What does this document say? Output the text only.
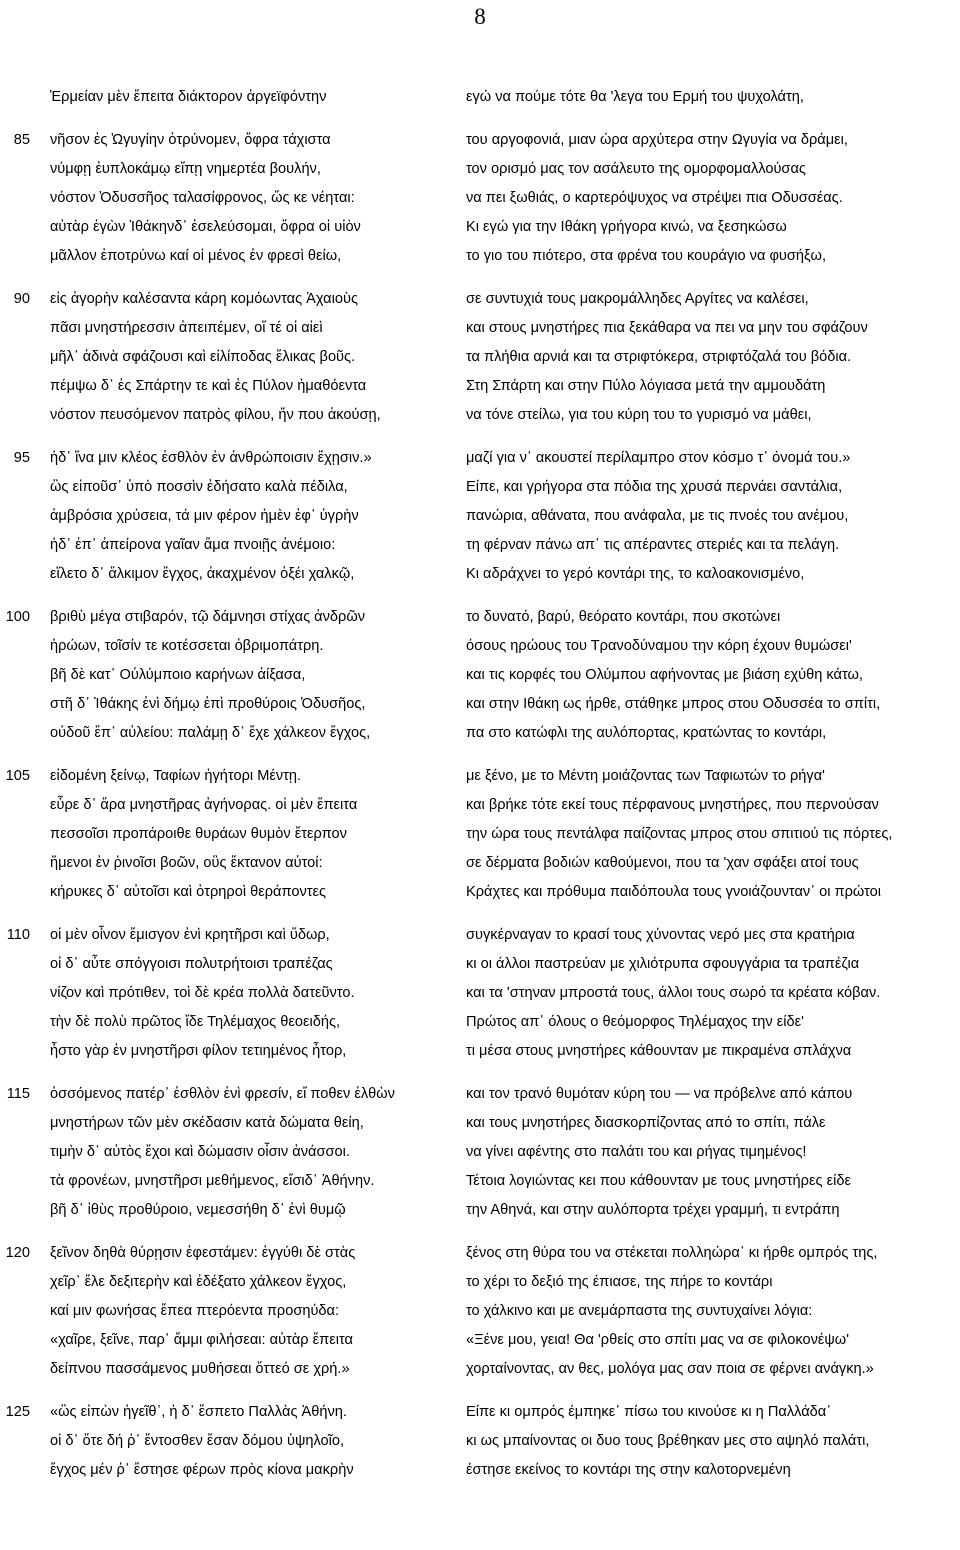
8
Ἑρμείαν μὲν ἔπειτα διάκτορον ἀργεϊφόντην	εγώ να πούμε τότε θα 'λεγα του Ερμή του ψυχολάτη,
85 νῆσον ἐς Ὠγυγίην ὀτρύνομεν, ὄφρα τάχιστα	του αργοφονιά, μιαν ώρα αρχύτερα στην Ωγυγία να δράμει,
νύμφῃ ἐυπλοκάμῳ εἴπῃ νημερτέα βουλήν,	τον ορισμό μας τον ασάλευτο της ομορφομαλλούσας
νόστον Ὀδυσσῆος ταλασίφρονος, ὥς κε νέηται:	να πει ξωθιάς, ο καρτερόψυχος να στρέψει πια Οδυσσέας.
αὐτὰρ ἐγὼν Ἰθάκηνδ᾽ ἐσελεύσομαι, ὄφρα οἱ υἱὸν	Κι εγώ για την Ιθάκη γρήγορα κινώ, να ξεσηκώσω
μᾶλλον ἐποτρύνω καί οἱ μένος ἐν φρεσὶ θείω,	το γιο του πιότερο, στα φρένα του κουράγιο να φυσήξω,
90 εἰς ἀγορὴν καλέσαντα κάρη κομόωντας Ἀχαιοὺς	σε συντυχιά τους μακρομάλληδες Αργίτες να καλέσει,
πᾶσι μνηστήρεσσιν ἀπειπέμεν, οἵ τέ οἱ αἰεὶ	και στους μνηστήρες πια ξεκάθαρα να πει να μην του σφάζουν
μῆλ᾽ ἁδινὰ σφάζουσι καὶ εἰλίποδας ἕλικας βοῦς.	τα πλήθια αρνιά και τα στριφτόκερα, στριφτόζαλά του βόδια.
πέμψω δ᾽ ἐς Σπάρτην τε καὶ ἐς Πύλον ἠμαθόεντα	Στη Σπάρτη και στην Πύλο λόγιασα μετά την αμμουδάτη
νόστον πευσόμενον πατρὸς φίλου, ἤν που ἀκούσῃ,	να τόνε στείλω, για του κύρη του το γυρισμό να μάθει,
95 ἠδ᾽ ἵνα μιν κλέος ἐσθλὸν ἐν ἀνθρώποισιν ἔχῃσιν.»	μαζί για ν᾽ ακουστεί περίλαμπρο στον κόσμο τ᾽ όνομά του.»
ὣς εἰποῦσ᾽ ὑπὸ ποσσὶν ἐδήσατο καλὰ πέδιλα,	Είπε, και γρήγορα στα πόδια της χρυσά περνάει σαντάλια,
ἀμβρόσια χρύσεια, τά μιν φέρον ἠμὲν ἐφ᾽ ὑγρὴν	πανώρια, αθάνατα, που ανάφαλα, με τις πνοές του ανέμου,
ἠδ᾽ ἐπ᾽ ἀπείρονα γαῖαν ἅμα πνοιῇς ἀνέμοιο:	τη φέρναν πάνω απ᾽ τις απέραντες στεριές και τα πελάγη.
εἵλετο δ᾽ ἄλκιμον ἔγχος, ἀκαχμένον ὀξέι χαλκῷ,	Κι αδράχνει το γερό κοντάρι της, το καλοακονισμένο,
100 βριθὺ μέγα στιβαρόν, τῷ δάμνησι στίχας ἀνδρῶν	το δυνατό, βαρύ, θεόρατο κοντάρι, που σκοτώνει
ἡρώων, τοῖσίν τε κοτέσσεται ὀβριμοπάτρη.	όσους ηρώους του Τρανοδύναμου την κόρη έχουν θυμώσει'
βῆ δὲ κατ᾽ Οὐλύμποιο καρήνων ἀίξασα,	και τις κορφές του Ολύμπου αφήνοντας με βιάση εχύθη κάτω,
στῆ δ᾽ Ἰθάκης ἐνὶ δήμῳ ἐπὶ προθύροις Ὀδυσῆος,	και στην Ιθάκη ως ήρθε, στάθηκε μπρος στου Οδυσσέα το σπίτι,
οὐδοῦ ἔπ᾽ αὐλείου: παλάμῃ δ᾽ ἔχε χάλκεον ἔγχος,	πα στο κατώφλι της αυλόπορτας, κρατώντας το κοντάρι,
105 εἰδομένη ξείνῳ, Ταφίων ἡγήτορι Μέντῃ.	με ξένο, με το Μέντη μοιάζοντας των Ταφιωτών το ρήγα'
εὗρε δ᾽ ἄρα μνηστῆρας ἀγήνορας. οἱ μὲν ἔπειτα	και βρήκε τότε εκεί τους πέρφανους μνηστήρες, που περνούσαν
πεσσοῖσι προπάροιθε θυράων θυμὸν ἔτερπον	την ώρα τους πεντάλφα παίζοντας μπρος στου σπιτιού τις πόρτες,
ἥμενοι ἐν ῥινοῖσι βοῶν, οὓς ἔκτανον αὐτοί:	σε δέρματα βοδιών καθούμενοι, που τα 'χαν σφάξει ατοί τους
κήρυκες δ᾽ αὐτοῖσι καὶ ὀτρηροὶ θεράποντες	Κράχτες και πρόθυμα παιδόπουλα τους γνοιάζουνταν᾽ οι πρώτοι
110 οἱ μὲν οἶνον ἔμισγον ἐνὶ κρητῆρσι καὶ ὕδωρ,	συγκέρναγαν το κρασί τους χύνοντας νερό μες στα κρατήρια
οἱ δ᾽ αὖτε σπόγγοισι πολυτρήτοισι τραπέζας	κι οι άλλοι παστρεύαν με χιλιότρυπα σφουγγάρια τα τραπέζια
νίζον καὶ πρότιθεν, τοὶ δὲ κρέα πολλὰ δατεῦντο.	και τα 'στηναν μπροστά τους, άλλοι τους σωρό τα κρέατα κόβαν.
τὴν δὲ πολὺ πρῶτος ἴδε Τηλέμαχος θεοειδής,	Πρώτος απ᾽ όλους ο θεόμορφος Τηλέμαχος την είδε'
ἧστο γὰρ ἐν μνηστῆρσι φίλον τετιημένος ἦτορ,	τι μέσα στους μνηστήρες κάθουνταν με πικραμένα σπλάχνα
115 ὀσσόμενος πατέρ᾽ ἐσθλὸν ἐνὶ φρεσίν, εἴ ποθεν ἐλθὼν	και τον τρανό θυμόταν κύρη του — να πρόβελνε από κάπου
μνηστήρων τῶν μὲν σκέδασιν κατὰ δώματα θείη,	και τους μνηστήρες διασκορπίζοντας από το σπίτι, πάλε
τιμὴν δ᾽ αὐτὸς ἔχοι καὶ δώμασιν οἷσιν ἀνάσσοι.	να γίνει αφέντης στο παλάτι του και ρήγας τιμημένος!
τὰ φρονέων, μνηστῆρσι μεθήμενος, εἴσιδ᾽ Ἀθήνην.	Τέτοια λογιώντας κει που κάθουνταν με τους μνηστήρες είδε
βῆ δ᾽ ἰθὺς προθύροιο, νεμεσσήθη δ᾽ ἐνὶ θυμῷ	την Αθηνά, και στην αυλόπορτα τρέχει γραμμή, τι εντράπη
120 ξεῖνον δηθὰ θύρῃσιν ἐφεστάμεν: ἐγγύθι δὲ στὰς	ξένος στη θύρα του να στέκεται πολληώρα᾽ κι ήρθε ομπρός της,
χεῖρ᾽ ἕλε δεξιτερὴν καὶ ἐδέξατο χάλκεον ἔγχος,	το χέρι το δεξιό της έπιασε, της πήρε το κοντάρι
καί μιν φωνήσας ἔπεα πτερόεντα προσηύδα:	το χάλκινο και με ανεμάρπαστα της συντυχαίνει λόγια:
«χαῖρε, ξεῖνε, παρ᾽ ἄμμι φιλήσεαι: αὐτὰρ ἔπειτα	«Ξένε μου, γεια! Θα 'ρθείς στο σπίτι μας να σε φιλοκονέψω'
δείπνου πασσάμενος μυθήσεαι ὅττεό σε χρή.»	χορταίνοντας, αν θες, μολόγα μας σαν ποια σε φέρνει ανάγκη.»
125 «ὣς εἰπὼν ἡγεῖθ᾽, ἡ δ᾽ ἕσπετο Παλλὰς Ἀθήνη.	Είπε κι ομπρός έμπηκε᾽ πίσω του κινούσε κι η Παλλάδα᾽
οἱ δ᾽ ὅτε δή ῥ᾽ ἔντοσθεν ἔσαν δόμου ὑψηλοῖο,	κι ως μπαίνοντας οι δυο τους βρέθηκαν μες στο αψηλό παλάτι,
ἔγχος μέν ῥ᾽ ἔστησε φέρων πρὸς κίονα μακρὴν	έστησε εκείνος το κοντάρι της στην καλοτορνεμένη
